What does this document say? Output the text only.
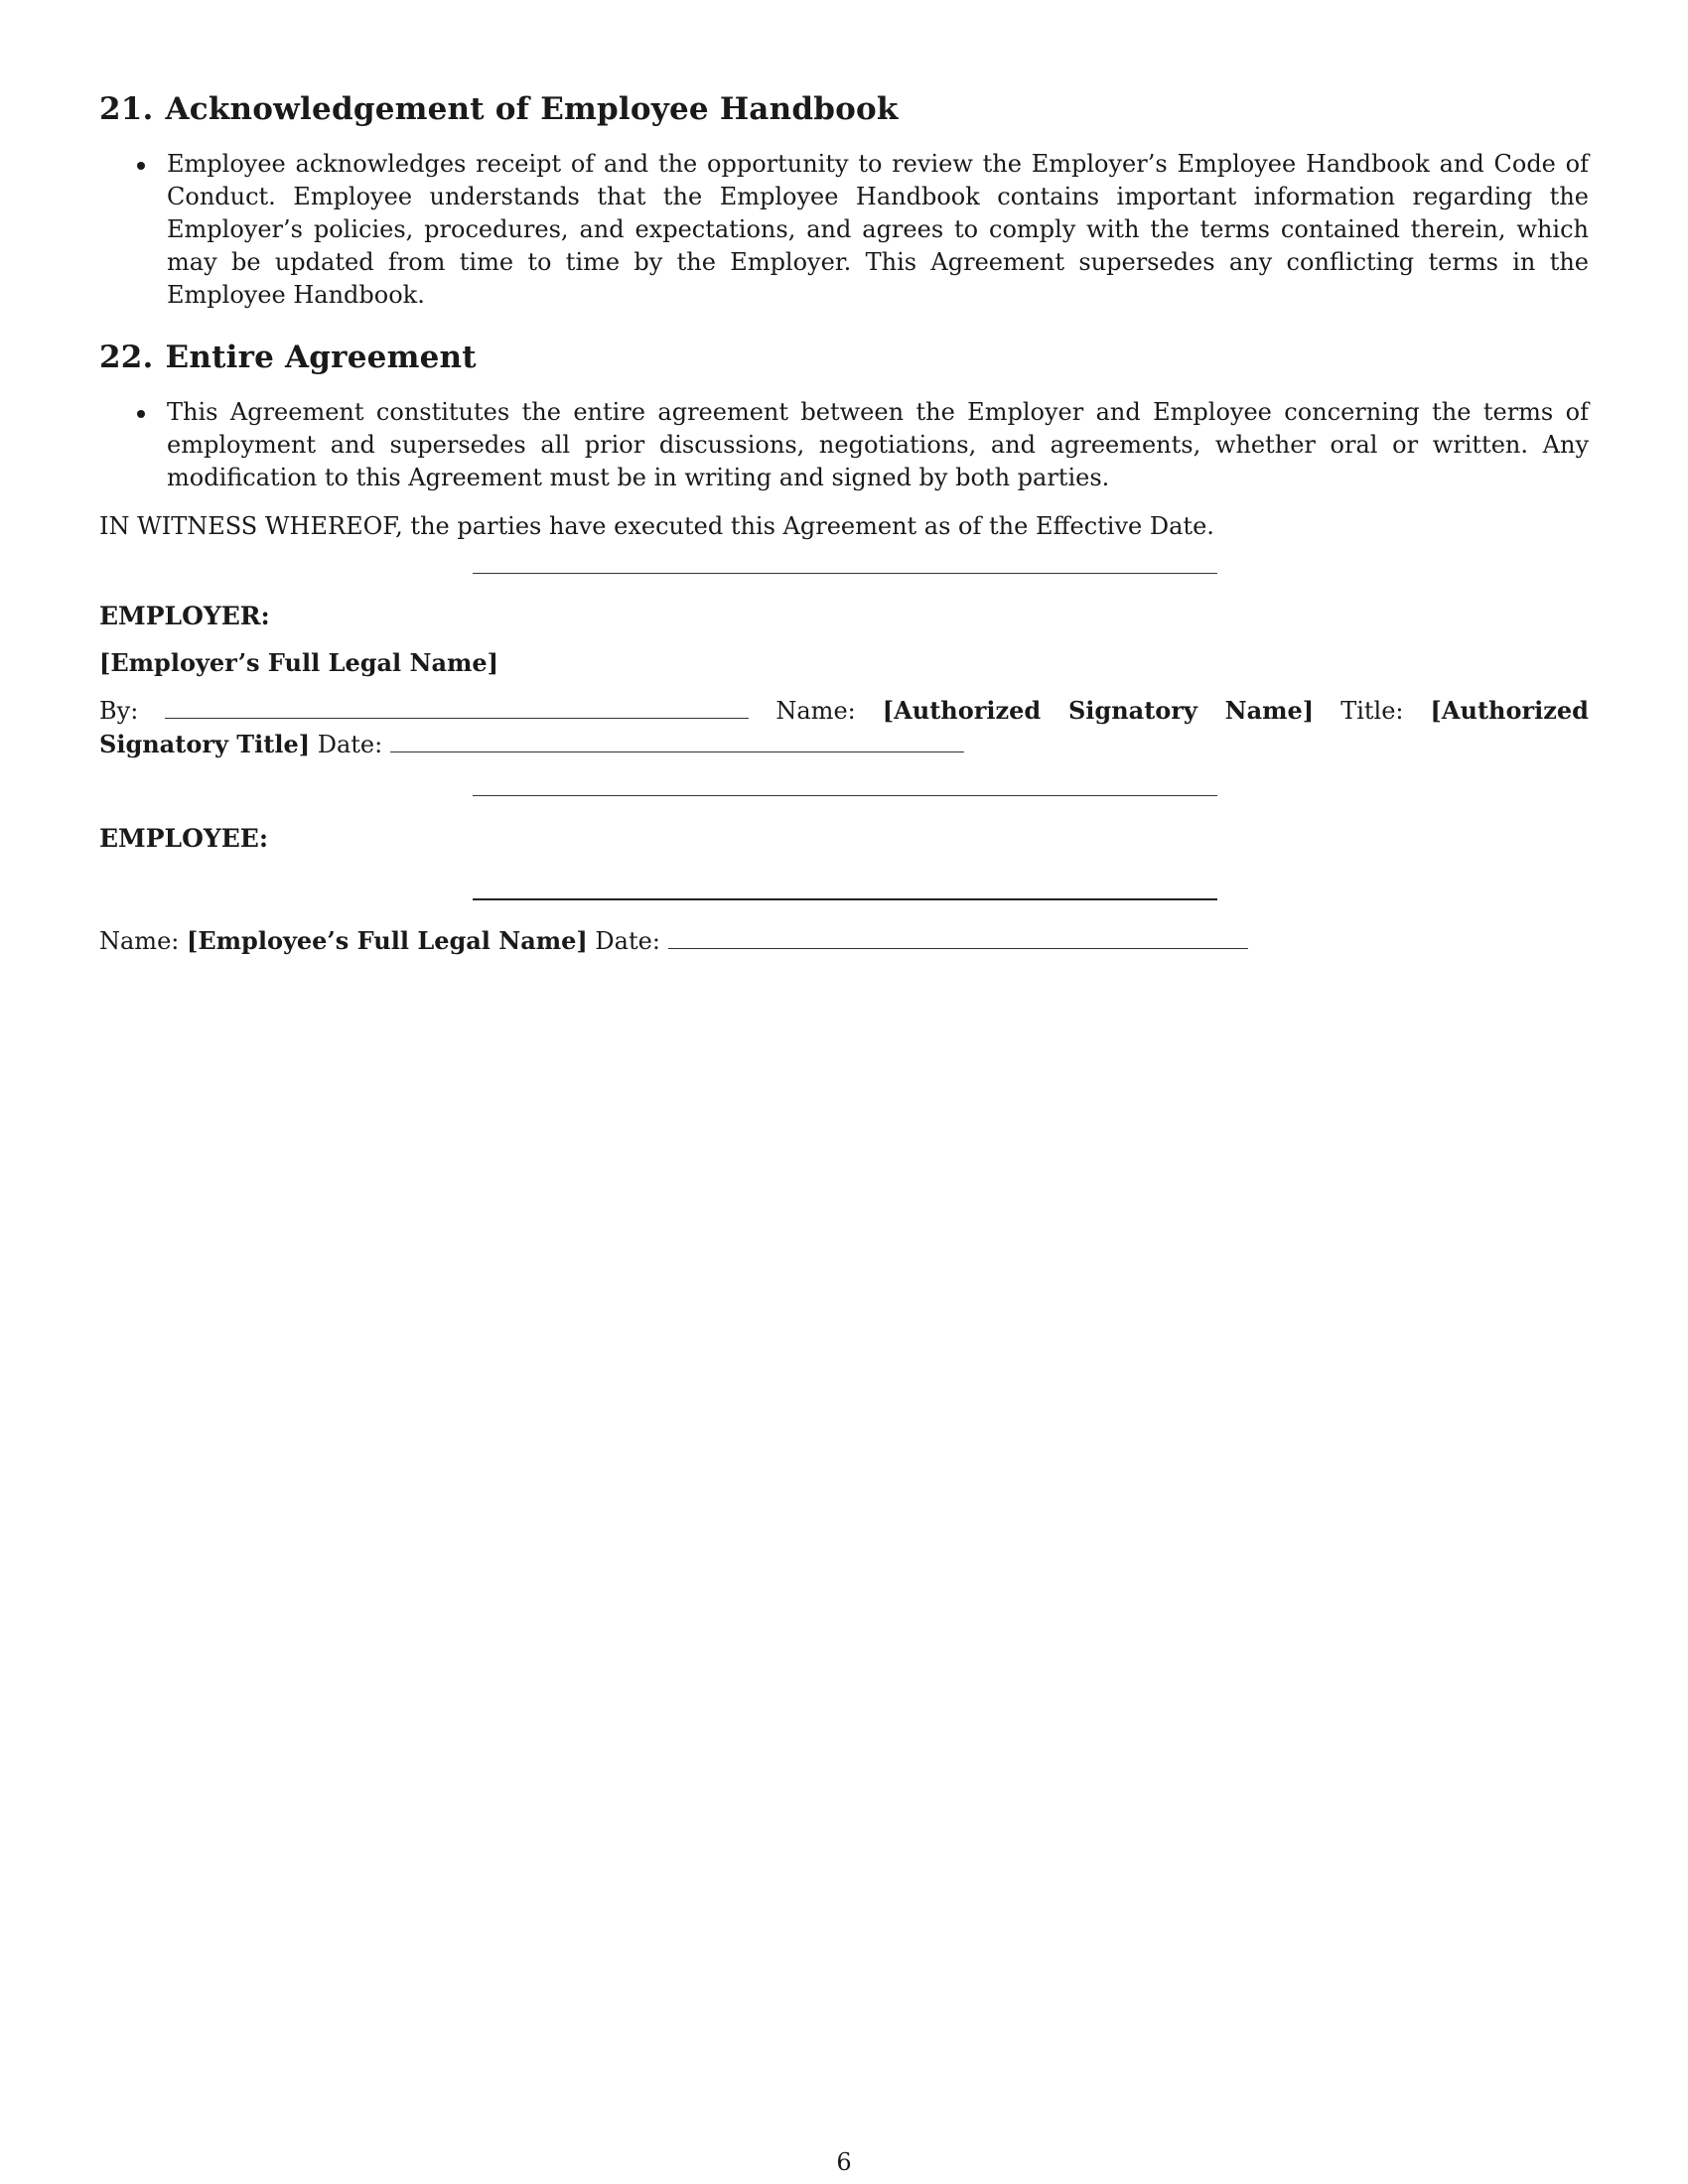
21. Acknowledgement of Employee Handbook
Employee acknowledges receipt of and the opportunity to review the Employer’s Employee Handbook and Code of Conduct. Employee understands that the Employee Handbook contains important information regarding the Employer’s policies, procedures, and expectations, and agrees to comply with the terms contained therein, which may be updated from time to time by the Employer. This Agreement supersedes any conflicting terms in the Employee Handbook.
22. Entire Agreement
This Agreement constitutes the entire agreement between the Employer and Employee concerning the terms of employment and supersedes all prior discussions, negotiations, and agreements, whether oral or written. Any modification to this Agreement must be in writing and signed by both parties.

IN WITNESS WHEREOF, the parties have executed this Agreement as of the Effective Date.

EMPLOYER:

[Employer’s Full Legal Name]

By:	Name: [Authorized Signatory Name] Title: [Authorized Signatory Title] Date:

EMPLOYEE:

Name: [Employee’s Full Legal Name] Date:

6
